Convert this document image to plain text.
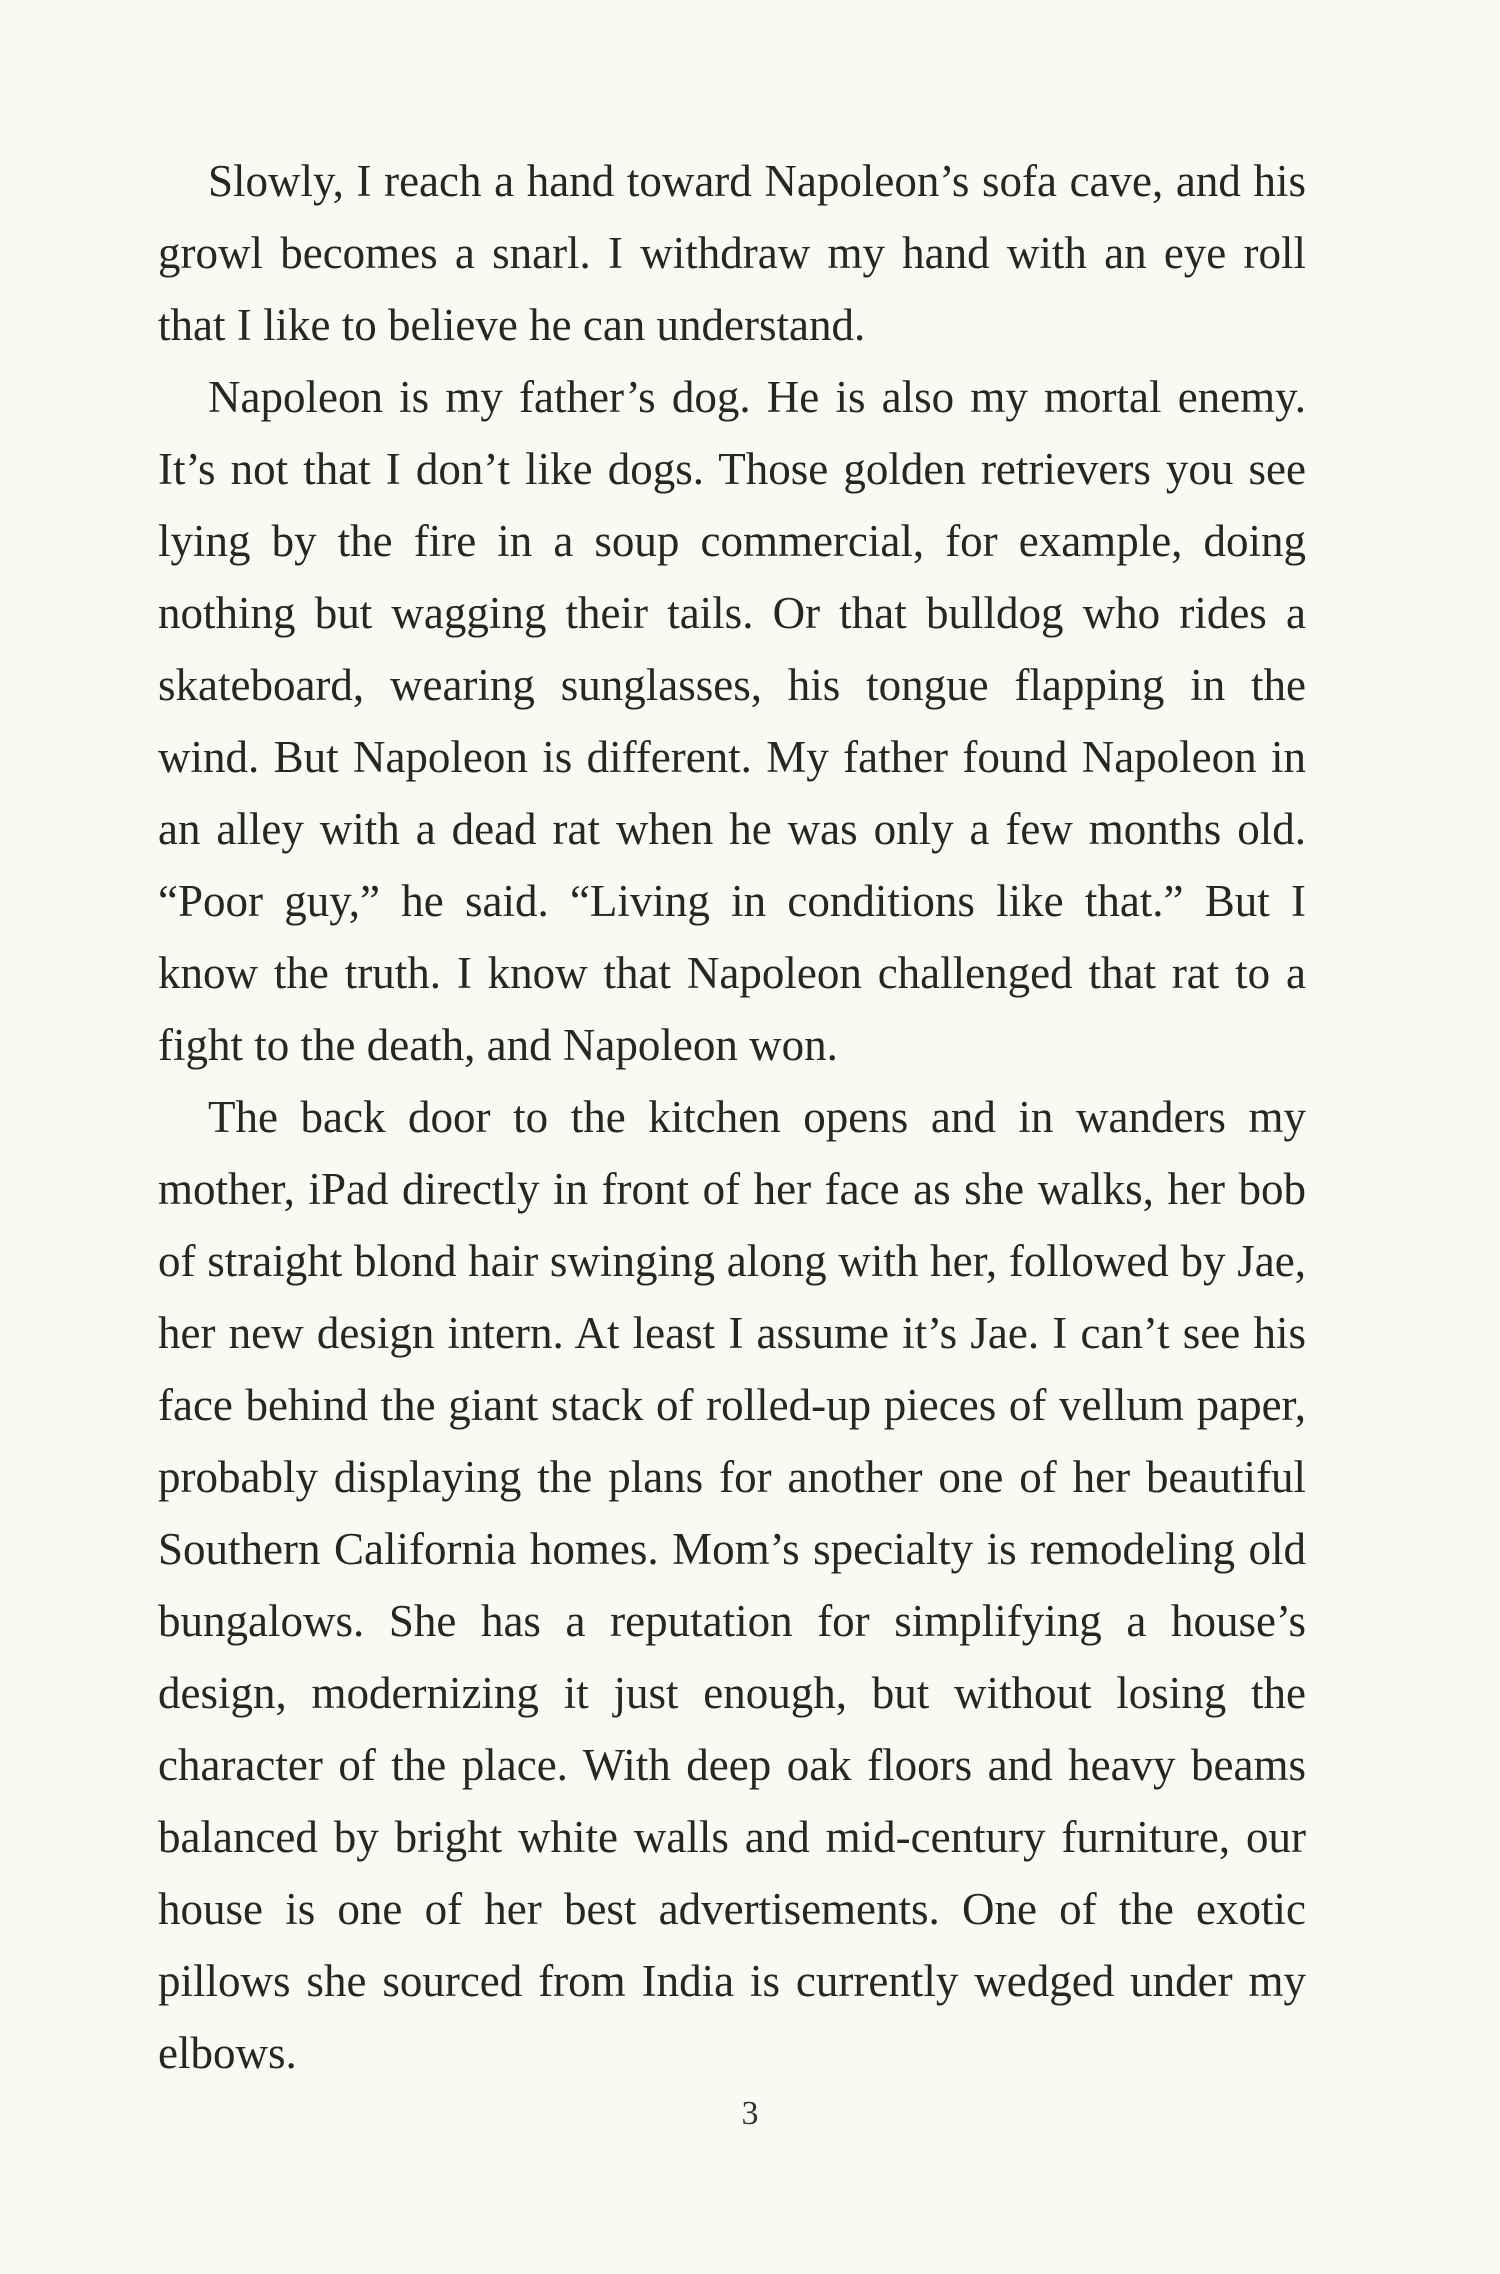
Slowly, I reach a hand toward Napoleon’s sofa cave, and his growl becomes a snarl. I withdraw my hand with an eye roll that I like to believe he can understand.

Napoleon is my father’s dog. He is also my mortal enemy. It’s not that I don’t like dogs. Those golden retrievers you see lying by the fire in a soup commercial, for example, doing nothing but wagging their tails. Or that bulldog who rides a skateboard, wearing sunglasses, his tongue flapping in the wind. But Napoleon is different. My father found Napoleon in an alley with a dead rat when he was only a few months old. “Poor guy,” he said. “Living in conditions like that.” But I know the truth. I know that Napoleon challenged that rat to a fight to the death, and Napoleon won.

The back door to the kitchen opens and in wanders my mother, iPad directly in front of her face as she walks, her bob of straight blond hair swinging along with her, followed by Jae, her new design intern. At least I assume it’s Jae. I can’t see his face behind the giant stack of rolled-up pieces of vellum paper, probably displaying the plans for another one of her beautiful Southern California homes. Mom’s specialty is remodeling old bungalows. She has a reputation for simplifying a house’s design, modernizing it just enough, but without losing the character of the place. With deep oak floors and heavy beams balanced by bright white walls and mid-century furniture, our house is one of her best advertisements. One of the exotic pillows she sourced from India is currently wedged under my elbows.

3
